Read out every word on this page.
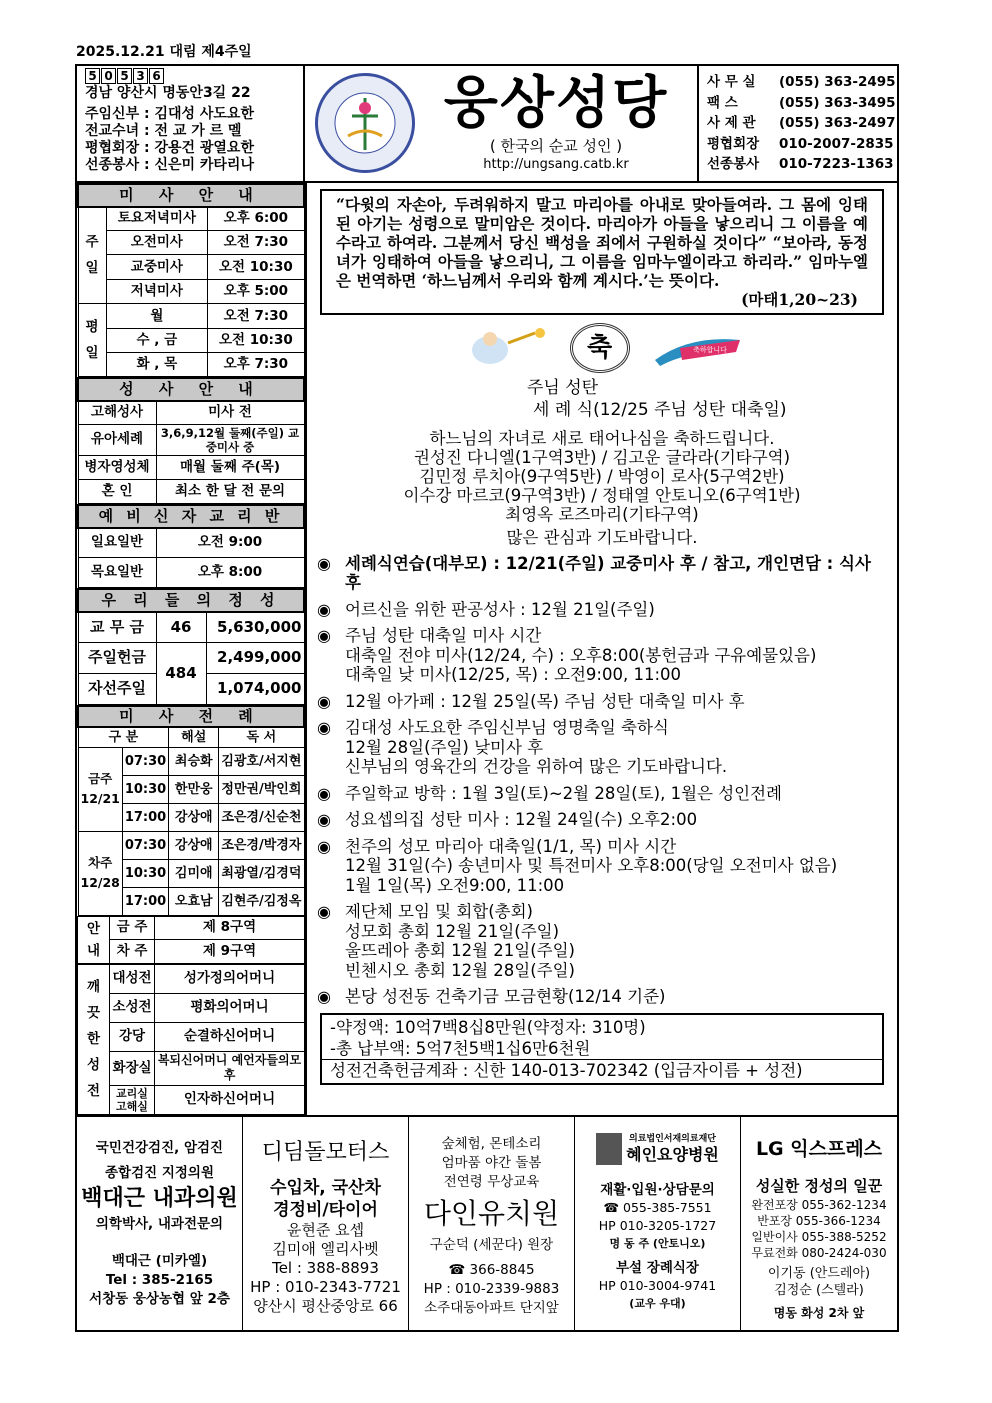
2025.12.21 대림 제4주일
5 0 5 3 6
경남 양산시 명동안3길 22
주임신부 : 김대성 사도요한
전교수녀 : 전 교 가 르 멜
평협회장 : 강용건 광열요한
선종봉사 : 신은미 카타리나
웅상성당
( 한국의 순교 성인 )
http://ungsang.catb.kr
사 무 실 (055) 363-2495
팩 스	(055) 363-3495
사 제 관 (055) 363-2497
평협회장 010-2007-2835
선종봉사 010-7223-1363
미 사 안 내		
주
일	토요저녁미사	오후 6:00
	오전미사	오전 7:30
	교중미사	오전 10:30
	저녁미사	오후 5:00
평
일	월	오전 7:30
	수 , 금	오전 10:30
	화 , 목	오후 7:30
성 사 안 내	
고해성사	미사 전
유아세례	3,6,9,12월 둘째(주일) 교중미사 중
병자영성체	매월 둘째 주(목)
혼 인	최소 한 달 전 문의
예 비 신 자 교 리 반	
일요일반	오전 9:00
목요일반	오후 8:00
우 리 들 의 정 성		
교 무 금	46	5,630,000
주일헌금	484	2,499,000
자선주일		1,074,000
미 사 전 례			
구 분		해설	독 서
금주 12/21	07:30	최승화	김광호/서지현
	10:30	한만웅	정만권/박인희
	17:00	강상애	조은경/신순천
차주 12/28	07:30	강상애	조은경/박경자
	10:30	김미애	최광열/김경덕
	17:00	오효남	김현주/김정옥
안 내	금 주	제 8구역
	차 주	제 9구역
깨 끗 한 성 전	대성전	성가정의어머니
	소성전	평화의어머니
	강당	순결하신어머니
	화장실	복되신어머니 예언자들의모후
	교리실 고해실	인자하신어머니
“다윗의 자손아, 두려워하지 말고 마리아를 아내로 맞아들여라. 그 몸에 잉태된 아기는 성령으로 말미암은 것이다. 마리아가 아들을 낳으리니 그 이름을 예수라고 하여라. 그분께서 당신 백성을 죄에서 구원하실 것이다” “보아라, 동정녀가 잉태하여 아들을 낳으리니, 그 이름을 임마누엘이라고 하리라.” 임마누엘은 번역하면 ‘하느님께서 우리와 함께 계시다.’는 뜻이다.
(마태1,20~23)
축	축하합니다
주님 성탄
세 례 식(12/25 주님 성탄 대축일)
하느님의 자녀로 새로 태어나심을 축하드립니다.
권성진 다니엘(1구역3반) / 김고운 글라라(기타구역)
김민정 루치아(9구역5반) / 박영이 로사(5구역2반)
이수강 마르코(9구역3반) / 정태열 안토니오(6구역1반)
최영옥 로즈마리(기타구역)
많은 관심과 기도바랍니다.
◉ 세례식연습(대부모) : 12/21(주일) 교중미사 후 / 참고, 개인면담 : 식사 후
◉ 어르신을 위한 판공성사 : 12월 21일(주일)
◉ 주님 성탄 대축일 미사 시간
대축일 전야 미사(12/24, 수) : 오후8:00(봉헌금과 구유예물있음)
대축일 낮 미사(12/25, 목) : 오전9:00, 11:00
◉ 12월 아가페 : 12월 25일(목) 주님 성탄 대축일 미사 후
◉ 김대성 사도요한 주임신부님 영명축일 축하식
12월 28일(주일) 낮미사 후
신부님의 영육간의 건강을 위하여 많은 기도바랍니다.
◉ 주일학교 방학 : 1월 3일(토)~2월 28일(토), 1월은 성인전례
◉ 성요셉의집 성탄 미사 : 12월 24일(수) 오후2:00
◉ 천주의 성모 마리아 대축일(1/1, 목) 미사 시간
12월 31일(수) 송년미사 및 특전미사 오후8:00(당일 오전미사 없음)
1월 1일(목) 오전9:00, 11:00
◉ 제단체 모임 및 회합(총회)
성모회 총회 12월 21일(주일)
울뜨레아 총회 12월 21일(주일)
빈첸시오 총회 12월 28일(주일)
◉ 본당 성전동 건축기금 모금현황(12/14 기준)
-약정액: 10억7백8십8만원(약정자: 310명)
-총 납부액: 5억7천5백1십6만6천원
성전건축헌금계좌 : 신한 140-013-702342 (입금자이름 + 성전)
국민건강검진, 암검진
종합검진 지정의원
백대근 내과의원
의학박사, 내과전문의
백대근 (미카엘)
Tel : 385-2165
서창동 웅상농협 앞 2층
디딤돌모터스
수입차, 국산차
경정비/타이어
윤현준 요셉
김미애 엘리사벳
Tel : 388-8893
HP : 010-2343-7721
양산시 평산중앙로 66
숲체험, 몬테소리
엄마품 야간 돌봄
전연령 무상교육
다인유치원
구순덕 (세꾼다) 원장
☎ 366-8845
HP : 010-2339-9883
소주대동아파트 단지앞
의료법인서재의료재단
혜인요양병원
재활·입원·상담문의
☎ 055-385-7551
HP 010-3205-1727
명 동 주 (안토니오)
부설 장례식장
HP 010-3004-9741
(교우 우대)
LG 익스프레스
성실한 정성의 일꾼
완전포장 055-362-1234
반포장 055-366-1234
일반이사 055-388-5252
무료전화 080-2424-030
이기동 (안드레아)
김정순 (스텔라)
명동 화성 2차 앞
